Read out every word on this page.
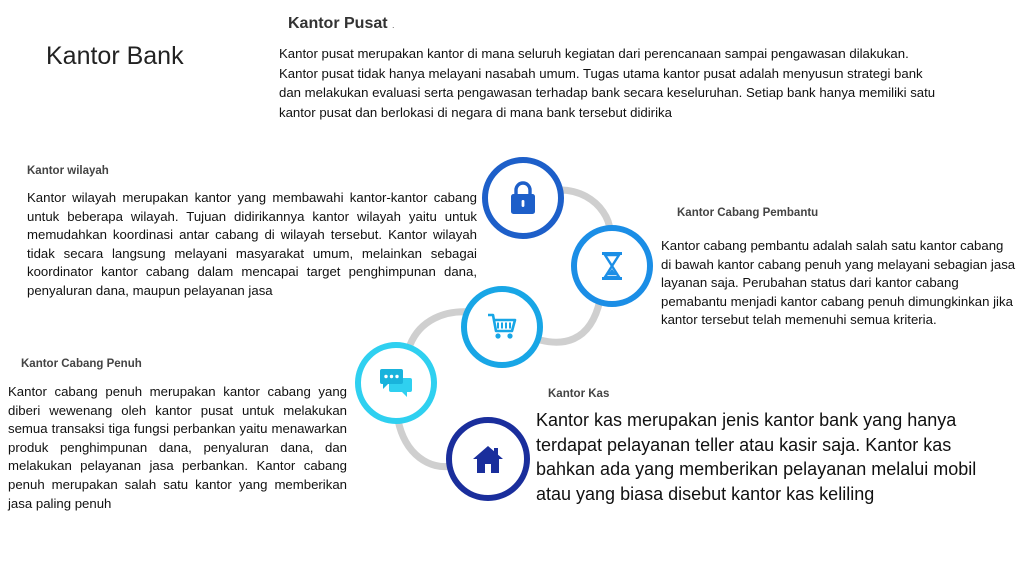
Kantor Bank
Kantor Pusat .
Kantor pusat merupakan kantor di mana seluruh kegiatan dari perencanaan sampai pengawasan dilakukan. Kantor pusat tidak hanya melayani nasabah umum. Tugas utama kantor pusat adalah menyusun strategi bank dan melakukan evaluasi serta pengawasan terhadap bank secara keseluruhan. Setiap bank hanya memiliki satu kantor pusat dan berlokasi di negara di mana bank tersebut didirika
Kantor wilayah
Kantor wilayah merupakan kantor yang membawahi kantor-kantor cabang untuk beberapa wilayah. Tujuan didirikannya kantor wilayah yaitu untuk memudahkan koordinasi antar cabang di wilayah tersebut. Kantor wilayah tidak secara langsung melayani masyarakat umum, melainkan sebagai koordinator kantor cabang dalam mencapai target penghimpunan dana, penyaluran dana, maupun pelayanan jasa
Kantor Cabang Pembantu
Kantor cabang pembantu adalah salah satu kantor cabang di bawah kantor cabang penuh yang melayani sebagian jasa layanan saja. Perubahan status dari kantor cabang pemabantu menjadi kantor cabang penuh dimungkinkan jika kantor tersebut telah memenuhi semua kriteria.
Kantor Cabang Penuh
Kantor cabang penuh merupakan kantor cabang yang diberi wewenang oleh kantor pusat untuk melakukan semua transaksi tiga fungsi perbankan yaitu menawarkan produk penghimpunan dana, penyaluran dana, dan melakukan pelayanan jasa perbankan. Kantor cabang penuh merupakan salah satu kantor yang memberikan jasa paling penuh
Kantor Kas
Kantor kas merupakan jenis kantor bank yang hanya terdapat pelayanan teller atau kasir saja. Kantor kas bahkan ada yang memberikan pelayanan melalui mobil atau yang biasa disebut kantor kas keliling
